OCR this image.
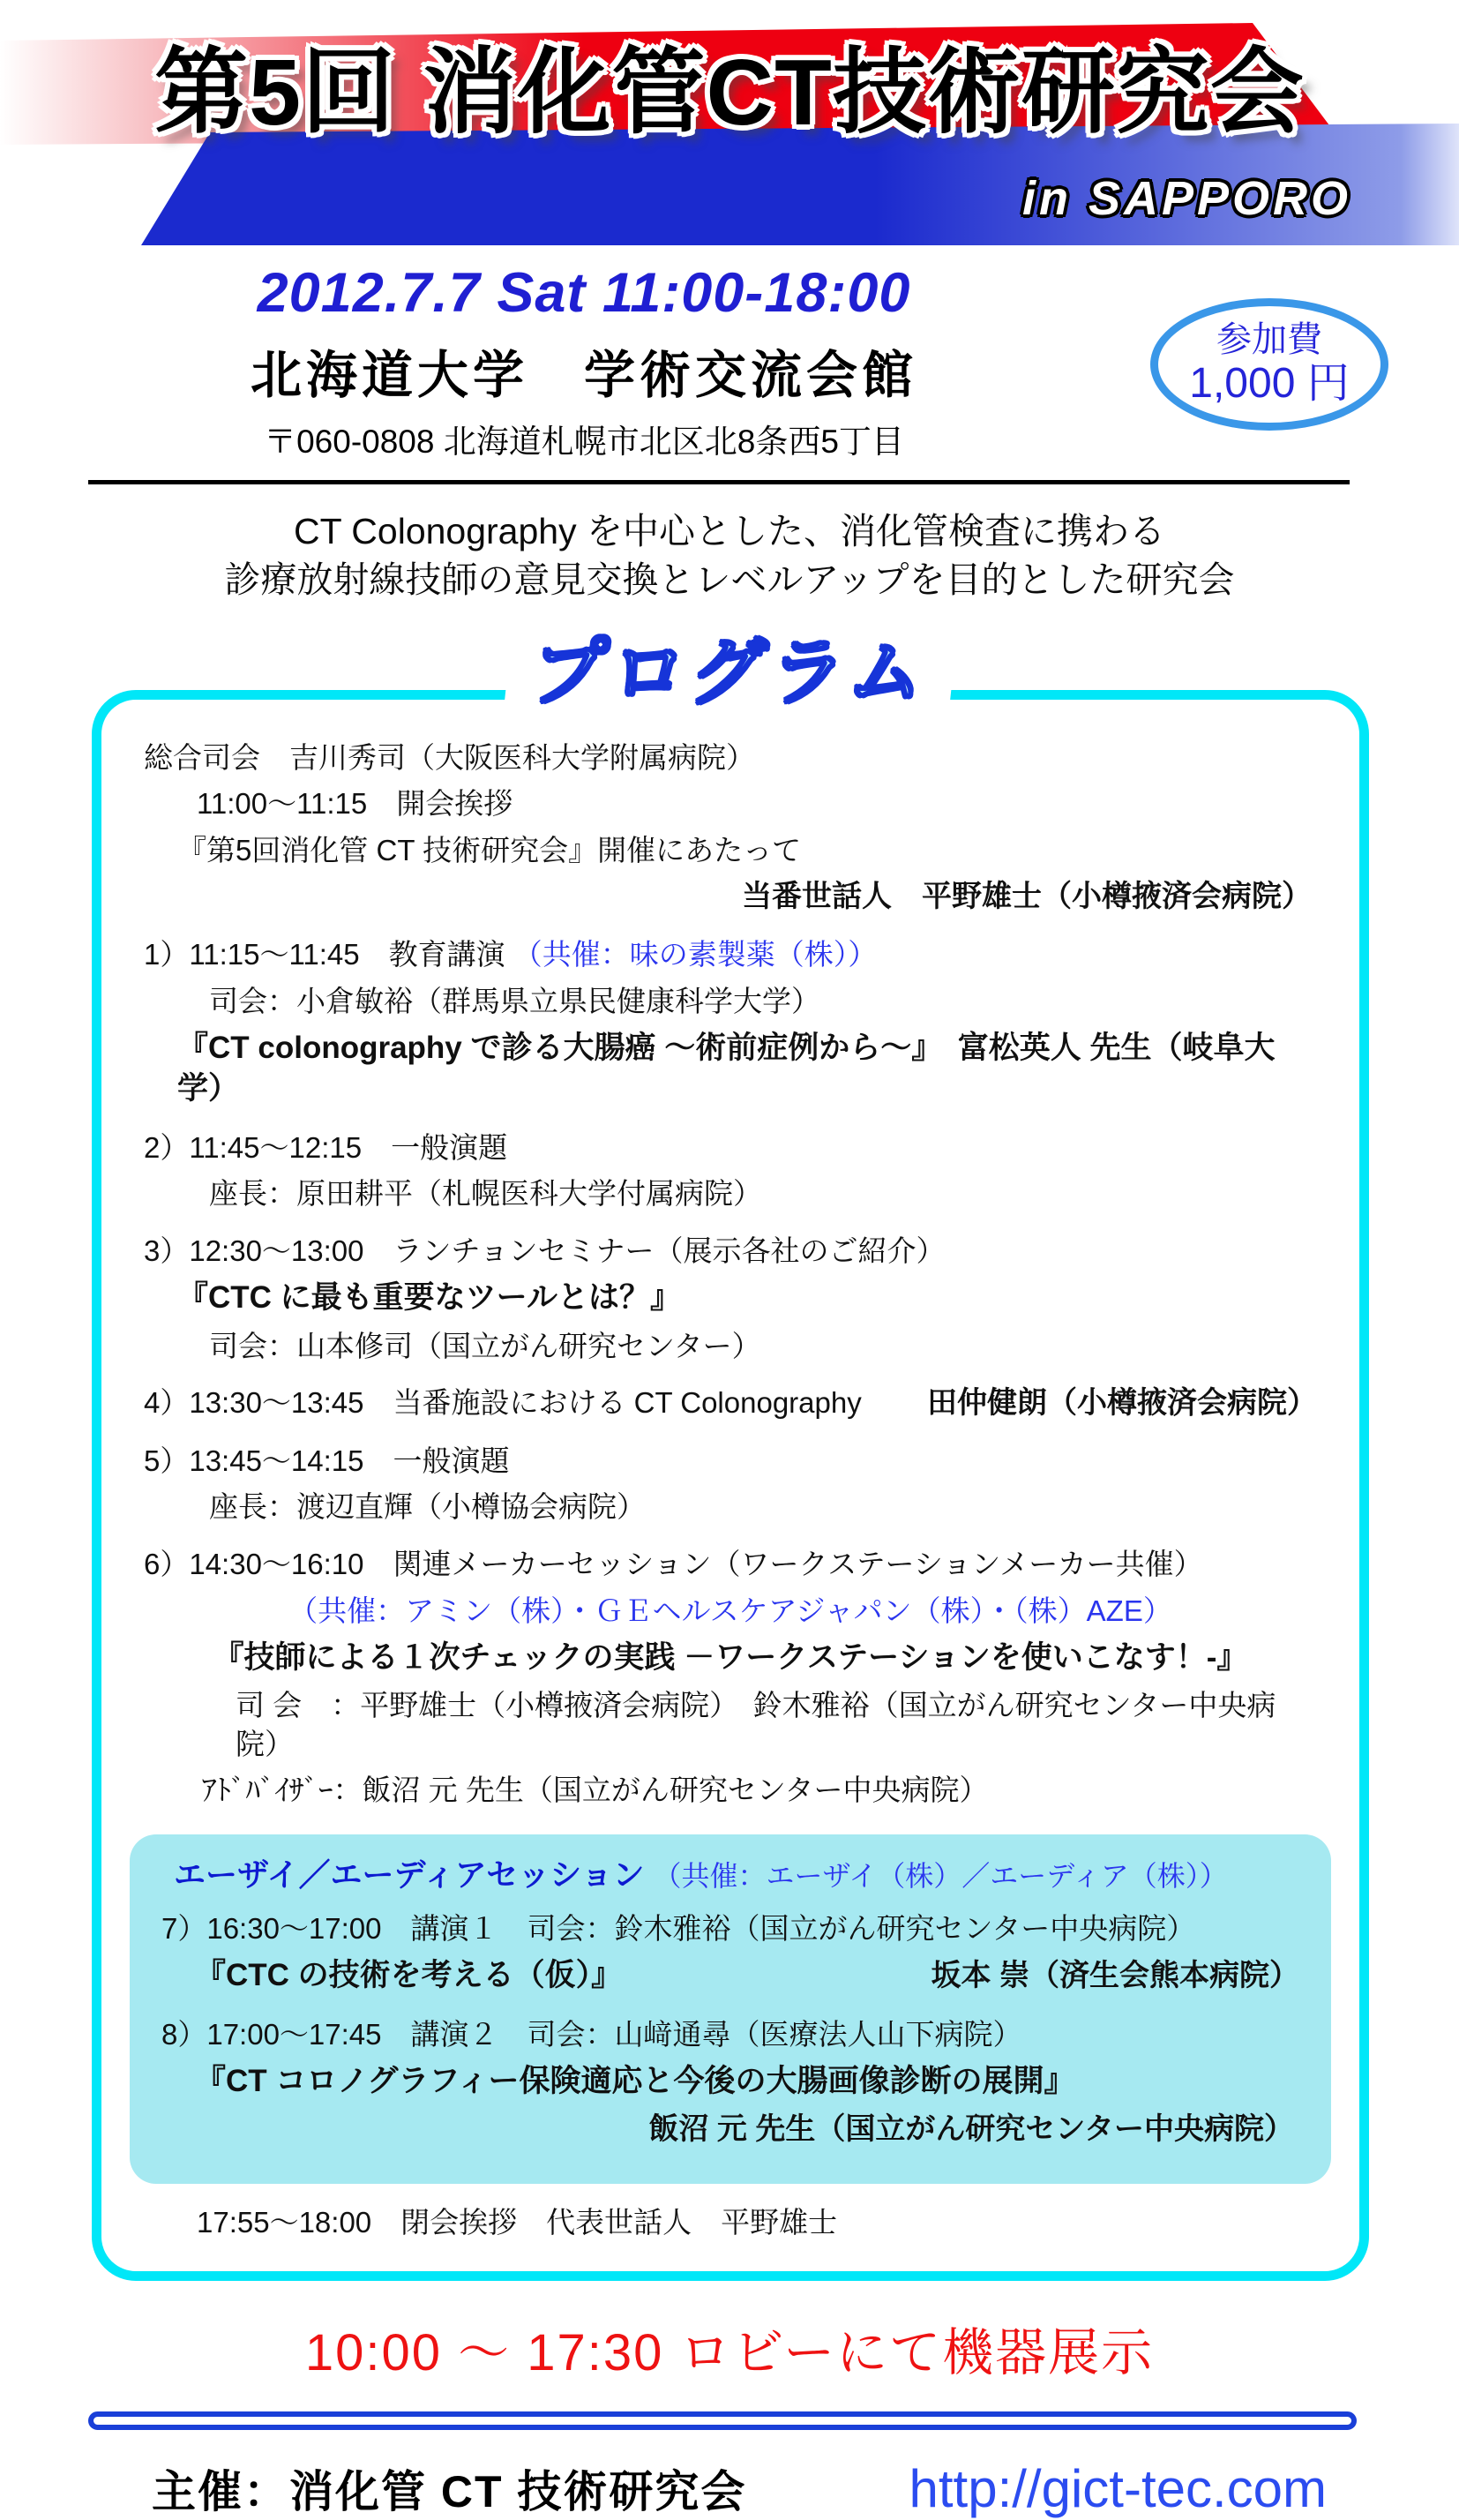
第5回 消化管CT技術研究会
in SAPPORO
2012.7.7 Sat 11:00-18:00
北海道大学　学術交流会館
〒060-0808 北海道札幌市北区北8条西5丁目
参加費
1,000 円
CT Colonography を中心とした、消化管検査に携わる
診療放射線技師の意見交換とレベルアップを目的とした研究会
プログラム
総合司会　吉川秀司（大阪医科大学附属病院）
11:00～11:15　開会挨拶
『第5回消化管 CT 技術研究会』開催にあたって
当番世話人　平野雄士（小樽掖済会病院）
1）11:15～11:45　教育講演 （共催：味の素製薬（株））
司会：小倉敏裕（群馬県立県民健康科学大学）
『CT colonography で診る大腸癌 ～術前症例から～』　富松英人 先生（岐阜大学）
2）11:45～12:15　一般演題
座長：原田耕平（札幌医科大学付属病院）
3）12:30～13:00　ランチョンセミナー（展示各社のご紹介）
『CTC に最も重要なツールとは？』
司会：山本修司（国立がん研究センター）
4）13:30～13:45　当番施設における CT Colonography 田仲健朗（小樽掖済会病院）
5）13:45～14:15　一般演題
座長：渡辺直輝（小樽協会病院）
6）14:30～16:10　関連メーカーセッション（ワークステーションメーカー共催）
（共催：アミン（株）・ＧＥヘルスケアジャパン（株）・（株）AZE）
『技師による１次チェックの実践 －ワークステーションを使いこなす！-』
司 会　：平野雄士（小樽掖済会病院）　鈴木雅裕（国立がん研究センター中央病院）
ｱﾄﾞﾊﾞｲｻﾞｰ：飯沼 元 先生（国立がん研究センター中央病院）
エーザイ／エーディアセッション （共催：エーザイ（株）／エーディア（株））
7）16:30～17:00　講演１　司会：鈴木雅裕（国立がん研究センター中央病院）
『CTC の技術を考える（仮）』	坂本 崇（済生会熊本病院）
8）17:00～17:45　講演２　司会：山﨑通尋（医療法人山下病院）
『CT コロノグラフィー保険適応と今後の大腸画像診断の展開』
飯沼 元 先生（国立がん研究センター中央病院）
17:55～18:00　閉会挨拶　代表世話人　平野雄士
10:00 ～ 17:30 ロビーにて機器展示
主催：消化管 CT 技術研究会	http://gict-tec.com
